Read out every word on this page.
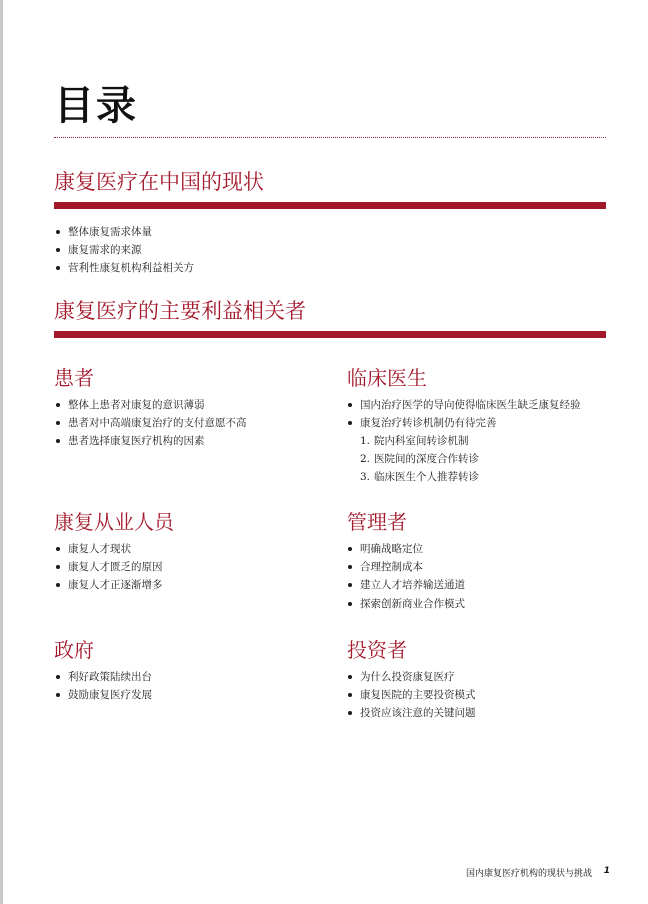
目录
康复医疗在中国的现状
整体康复需求体量
康复需求的来源
营利性康复机构利益相关方
康复医疗的主要利益相关者
患者
整体上患者对康复的意识薄弱
患者对中高端康复治疗的支付意愿不高
患者选择康复医疗机构的因素
临床医生
国内治疗医学的导向使得临床医生缺乏康复经验
康复治疗转诊机制仍有待完善
1. 院内科室间转诊机制
2. 医院间的深度合作转诊
3. 临床医生个人推荐转诊
康复从业人员
康复人才现状
康复人才匮乏的原因
康复人才正逐渐增多
管理者
明确战略定位
合理控制成本
建立人才培养输送通道
探索创新商业合作模式
政府
利好政策陆续出台
鼓励康复医疗发展
投资者
为什么投资康复医疗
康复医院的主要投资模式
投资应该注意的关键问题
国内康复医疗机构的现状与挑战 1
